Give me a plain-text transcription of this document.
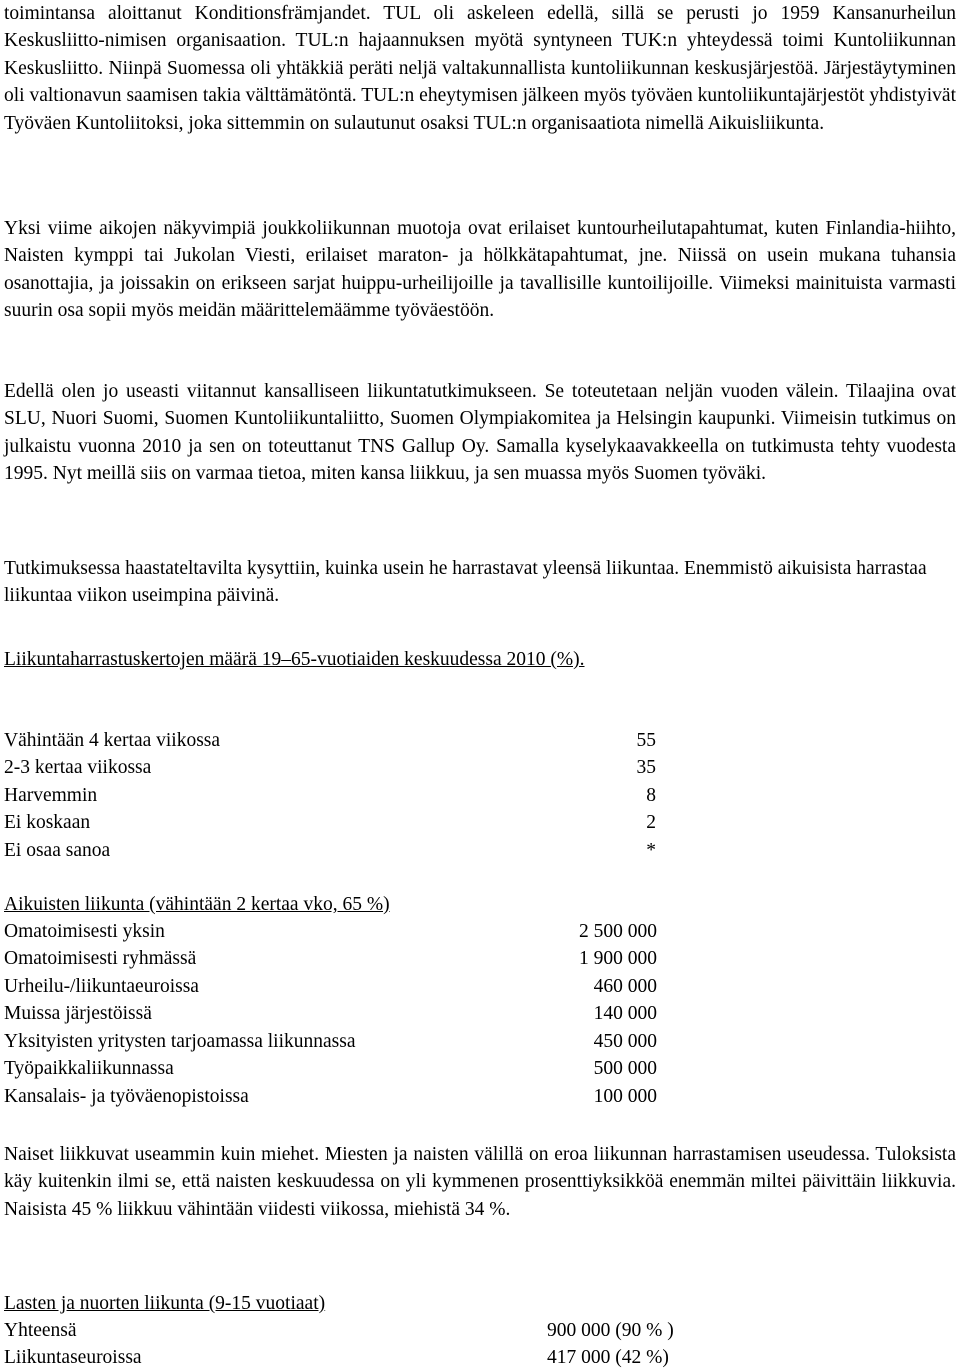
toimintansa aloittanut Konditionsfrämjandet. TUL oli askeleen edellä, sillä se perusti jo 1959 Kansanurheilun Keskusliitto-nimisen organisaation. TUL:n hajaannuksen myötä syntyneen TUK:n yhteydessä toimi Kuntoliikunnan Keskusliitto. Niinpä Suomessa oli yhtäkkiä peräti neljä valtakunnallista kuntoliikunnan keskusjärjestöä. Järjestäytyminen oli valtionavun saamisen takia välttämätöntä. TUL:n eheytymisen jälkeen myös työväen kuntoliikuntajärjestöt yhdistyivät Työväen Kuntoliitoksi, joka sittemmin on sulautunut osaksi TUL:n organisaatiota nimellä Aikuisliikunta.

Yksi viime aikojen näkyvimpiä joukkoliikunnan muotoja ovat erilaiset kuntourheilutapahtumat, kuten Finlandia-hiihto, Naisten kymppi tai Jukolan Viesti, erilaiset maraton- ja hölkkätapahtumat, jne. Niissä on usein mukana tuhansia osanottajia, ja joissakin on erikseen sarjat huippu-urheilijoille ja tavallisille kuntoilijoille. Viimeksi mainituista varmasti suurin osa sopii myös meidän määrittelemäämme työväestöön.

Edellä olen jo useasti viitannut kansalliseen liikuntatutkimukseen. Se toteutetaan neljän vuoden välein. Tilaajina ovat SLU, Nuori Suomi, Suomen Kuntoliikuntaliitto, Suomen Olympiakomitea ja Helsingin kaupunki. Viimeisin tutkimus on julkaistu vuonna 2010 ja sen on toteuttanut TNS Gallup Oy. Samalla kyselykaavakkeella on tutkimusta tehty vuodesta 1995. Nyt meillä siis on varmaa tietoa, miten kansa liikkuu, ja sen muassa myös Suomen työväki.

Tutkimuksessa haastateltavilta kysyttiin, kuinka usein he harrastavat yleensä liikuntaa. Enemmistö aikuisista harrastaa liikuntaa viikon useimpina päivinä.

Liikuntaharrastuskertojen määrä 19–65-vuotiaiden keskuudessa 2010 (%).

Vähintään 4 kertaa viikossa	55
2-3 kertaa viikossa	35
Harvemmin	8
Ei koskaan	2
Ei osaa sanoa	*

Aikuisten liikunta (vähintään 2 kertaa vko, 65 %)

Omatoimisesti yksin	2 500 000
Omatoimisesti ryhmässä	1 900 000
Urheilu-/liikuntaeuroissa	460 000
Muissa järjestöissä	140 000
Yksityisten yritysten tarjoamassa liikunnassa	450 000
Työpaikkaliikunnassa	500 000
Kansalais- ja työväenopistoissa	100 000

Naiset liikkuvat useammin kuin miehet. Miesten ja naisten välillä on eroa liikunnan harrastamisen useudessa. Tuloksista käy kuitenkin ilmi se, että naisten keskuudessa on yli kymmenen prosenttiyksikköä enemmän miltei päivittäin liikkuvia. Naisista 45 % liikkuu vähintään viidesti viikossa, miehistä 34 %.

Lasten ja nuorten liikunta (9-15 vuotiaat)

Yhteensä	900 000 (90 % )
Liikuntaseuroissa	417 000 (42 %)
